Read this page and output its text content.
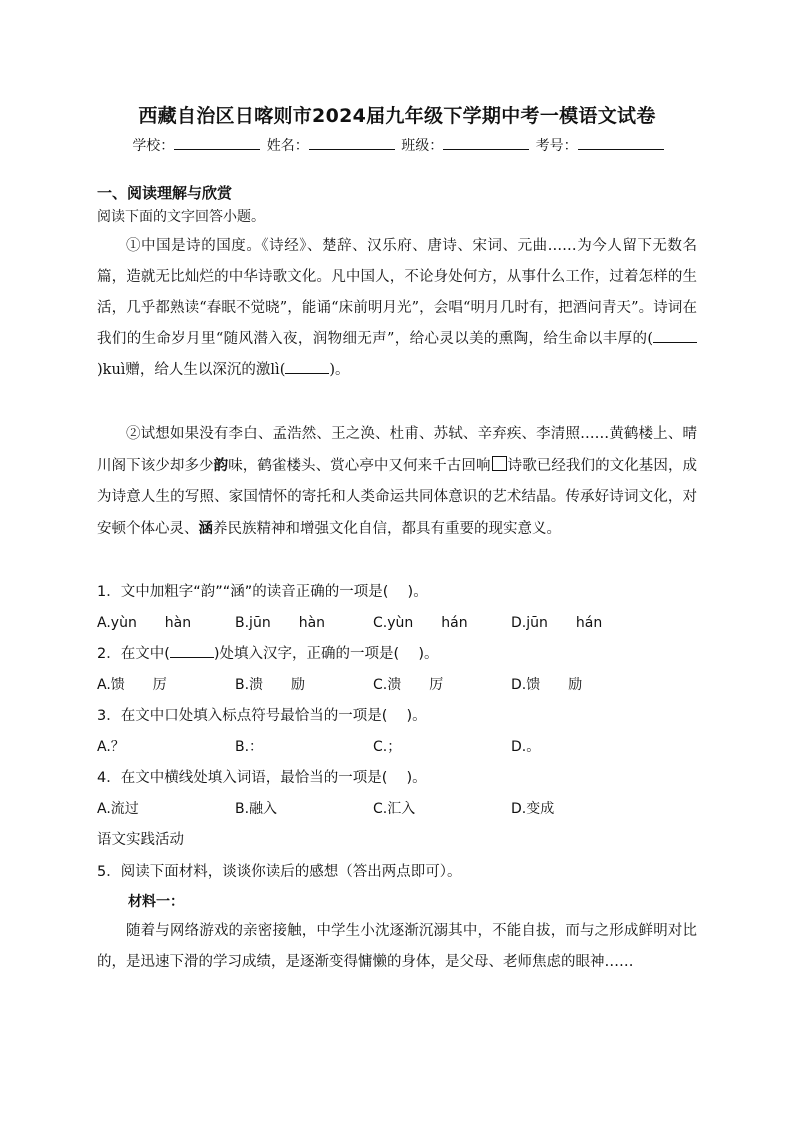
西藏自治区日喀则市2024届九年级下学期中考一模语文试卷
学校：	姓名：	班级：	考号：
一、阅读理解与欣赏
阅读下面的文字回答小题。
①中国是诗的国度。《诗经》、楚辞、汉乐府、唐诗、宋词、元曲……为今人留下无数名篇，造就无比灿烂的中华诗歌文化。凡中国人，不论身处何方，从事什么工作，过着怎样的生活，几乎都熟读“春眠不觉晓”，能诵“床前明月光”，会唱“明月几时有，把酒问青天”。诗词在我们的生命岁月里“随风潜入夜，润物细无声”，给心灵以美的熏陶，给生命以丰厚的()kuì赠，给人生以深沉的激lì(	)。
②试想如果没有李白、孟浩然、王之涣、杜甫、苏轼、辛弃疾、李清照……黄鹤楼上、晴川阁下该少却多少韵味，鹤雀楼头、赏心亭中又何来千古回响 诗歌已经我们的文化基因，成为诗意人生的写照、家国情怀的寄托和人类命运共同体意识的艺术结晶。传承好诗词文化，对安顿个体心灵、涵养民族精神和增强文化自信，都具有重要的现实意义。
1．文中加粗字“韵”“涵”的读音正确的一项是(　 )。
A.yùn　　hàn	B.jūn　　hàn	C.yùn　　hán	D.jūn　　hán
2．在文中(	)处填入汉字，正确的一项是(　 )。
A.馈　　厉	B.溃　　励	C.溃　　厉	D.馈　　励
3．在文中口处填入标点符号最恰当的一项是(　 )。
A.？	B.：	C.；	D.。
4．在文中横线处填入词语，最恰当的一项是(　 )。
A.流过	B.融入	C.汇入	D.变成
语文实践活动
5．阅读下面材料，谈谈你读后的感想（答出两点即可）。
材料一：
随着与网络游戏的亲密接触，中学生小沈逐渐沉溺其中，不能自拔，而与之形成鲜明对比的，是迅速下滑的学习成绩，是逐渐变得慵懒的身体，是父母、老师焦虑的眼神……
